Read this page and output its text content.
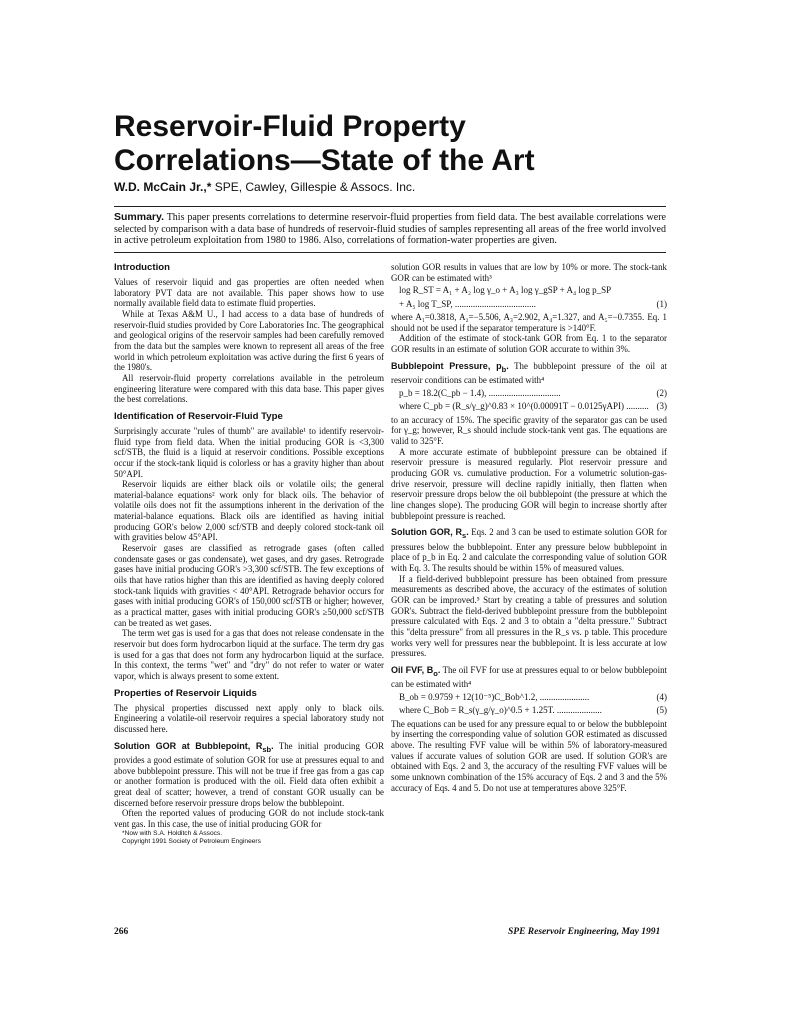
Reservoir-Fluid Property
Correlations—State of the Art
W.D. McCain Jr.,* SPE, Cawley, Gillespie & Assocs. Inc.

Summary. This paper presents correlations to determine reservoir-fluid properties from field data. The best available correlations were selected by comparison with a data base of hundreds of reservoir-fluid studies of samples representing all areas of the free world involved in active petroleum exploitation from 1980 to 1986. Also, correlations of formation-water properties are given.

Introduction

Values of reservoir liquid and gas properties are often needed when laboratory PVT data are not available. This paper shows how to use normally available field data to estimate fluid properties.

While at Texas A&M U., I had access to a data base of hundreds of reservoir-fluid studies provided by Core Laboratories Inc. The geographical and geological origins of the reservoir samples had been carefully removed from the data but the samples were known to represent all areas of the free world in which petroleum exploitation was active during the first 6 years of the 1980's.

All reservoir-fluid property correlations available in the petroleum engineering literature were compared with this data base. This paper gives the best correlations.

Identification of Reservoir-Fluid Type

Surprisingly accurate "rules of thumb" are available¹ to identify reservoir-fluid type from field data. When the initial producing GOR is <3,300 scf/STB, the fluid is a liquid at reservoir conditions. Possible exceptions occur if the stock-tank liquid is colorless or has a gravity higher than about 50°API.

Reservoir liquids are either black oils or volatile oils; the general material-balance equations² work only for black oils. The behavior of volatile oils does not fit the assumptions inherent in the derivation of the material-balance equations. Black oils are identified as having initial producing GOR's below 2,000 scf/STB and deeply colored stock-tank oil with gravities below 45°API.

Reservoir gases are classified as retrograde gases (often called condensate gases or gas condensate), wet gases, and dry gases. Retrograde gases have initial producing GOR's >3,300 scf/STB. The few exceptions of oils that have ratios higher than this are identified as having deeply colored stock-tank liquids with gravities < 40°API. Retrograde behavior occurs for gases with initial producing GOR's of 150,000 scf/STB or higher; however, as a practical matter, gases with initial producing GOR's ≥50,000 scf/STB can be treated as wet gases.

The term wet gas is used for a gas that does not release condensate in the reservoir but does form hydrocarbon liquid at the surface. The term dry gas is used for a gas that does not form any hydrocarbon liquid at the surface. In this context, the terms "wet" and "dry" do not refer to water or water vapor, which is always present to some extent.

Properties of Reservoir Liquids

The physical properties discussed next apply only to black oils. Engineering a volatile-oil reservoir requires a special laboratory study not discussed here.

Solution GOR at Bubblepoint, $R_{sb}$. The initial producing GOR provides a good estimate of solution GOR for use at pressures equal to and above bubblepoint pressure. This will not be true if free gas from a gas cap or another formation is produced with the oil. Field data often exhibit a great deal of scatter; however, a trend of constant GOR usually can be discerned before reservoir pressure drops below the bubblepoint.

Often the reported values of producing GOR do not include stock-tank vent gas. In this case, the use of initial producing GOR for

*Now with S.A. Holditch & Assocs.

Copyright 1991 Society of Petroleum Engineers

solution GOR results in values that are low by 10% or more. The stock-tank GOR can be estimated with³

log R_ST = A₁ + A₂ log γ_o + A₃ log γ_gSP + A₄ log p_SP
+ A₅ log T_SP, ....................................	(1)

where A₁=0.3818, A₂=−5.506, A₃=2.902, A₄=1.327, and A₅=−0.7355. Eq. 1 should not be used if the separator temperature is >140°F.

Addition of the estimate of stock-tank GOR from Eq. 1 to the separator GOR results in an estimate of solution GOR accurate to within 3%.

Bubblepoint Pressure, $p_b$. The bubblepoint pressure of the oil at reservoir conditions can be estimated with⁴

p_b = 18.2(C_pb − 1.4), ................................	(2)
where C_pb = (R_s/γ_g)^0.83 × 10^(0.00091T − 0.0125γAPI) .......... (3)

to an accuracy of 15%. The specific gravity of the separator gas can be used for γ_g; however, R_s should include stock-tank vent gas. The equations are valid to 325°F.

A more accurate estimate of bubblepoint pressure can be obtained if reservoir pressure is measured regularly. Plot reservoir pressure and producing GOR vs. cumulative production. For a volumetric solution-gas-drive reservoir, pressure will decline rapidly initially, then flatten when reservoir pressure drops below the oil bubblepoint (the pressure at which the line changes slope). The producing GOR will begin to increase shortly after bubblepoint pressure is reached.

Solution GOR, $R_s$. Eqs. 2 and 3 can be used to estimate solution GOR for pressures below the bubblepoint. Enter any pressure below bubblepoint in place of p_b in Eq. 2 and calculate the corresponding value of solution GOR with Eq. 3. The results should be within 15% of measured values.

If a field-derived bubblepoint pressure has been obtained from pressure measurements as described above, the accuracy of the estimates of solution GOR can be improved.⁵ Start by creating a table of pressures and solution GOR's. Subtract the field-derived bubblepoint pressure from the bubblepoint pressure calculated with Eqs. 2 and 3 to obtain a "delta pressure." Subtract this "delta pressure" from all pressures in the R_s vs. p table. This procedure works very well for pressures near the bubblepoint. It is less accurate at low pressures.

Oil FVF, $B_o$. The oil FVF for use at pressures equal to or below bubblepoint can be estimated with⁴

B_ob = 0.9759 + 12(10⁻⁵)C_Bob^1.2, ......................	(4)
where C_Bob = R_s(γ_g/γ_o)^0.5 + 1.25T. ....................	(5)

The equations can be used for any pressure equal to or below the bubblepoint by inserting the corresponding value of solution GOR estimated as discussed above. The resulting FVF value will be within 5% of laboratory-measured values if accurate values of solution GOR are used. If solution GOR's are obtained with Eqs. 2 and 3, the accuracy of the resulting FVF values will be some unknown combination of the 15% accuracy of Eqs. 2 and 3 and the 5% accuracy of Eqs. 4 and 5. Do not use at temperatures above 325°F.

266	SPE Reservoir Engineering, May 1991
